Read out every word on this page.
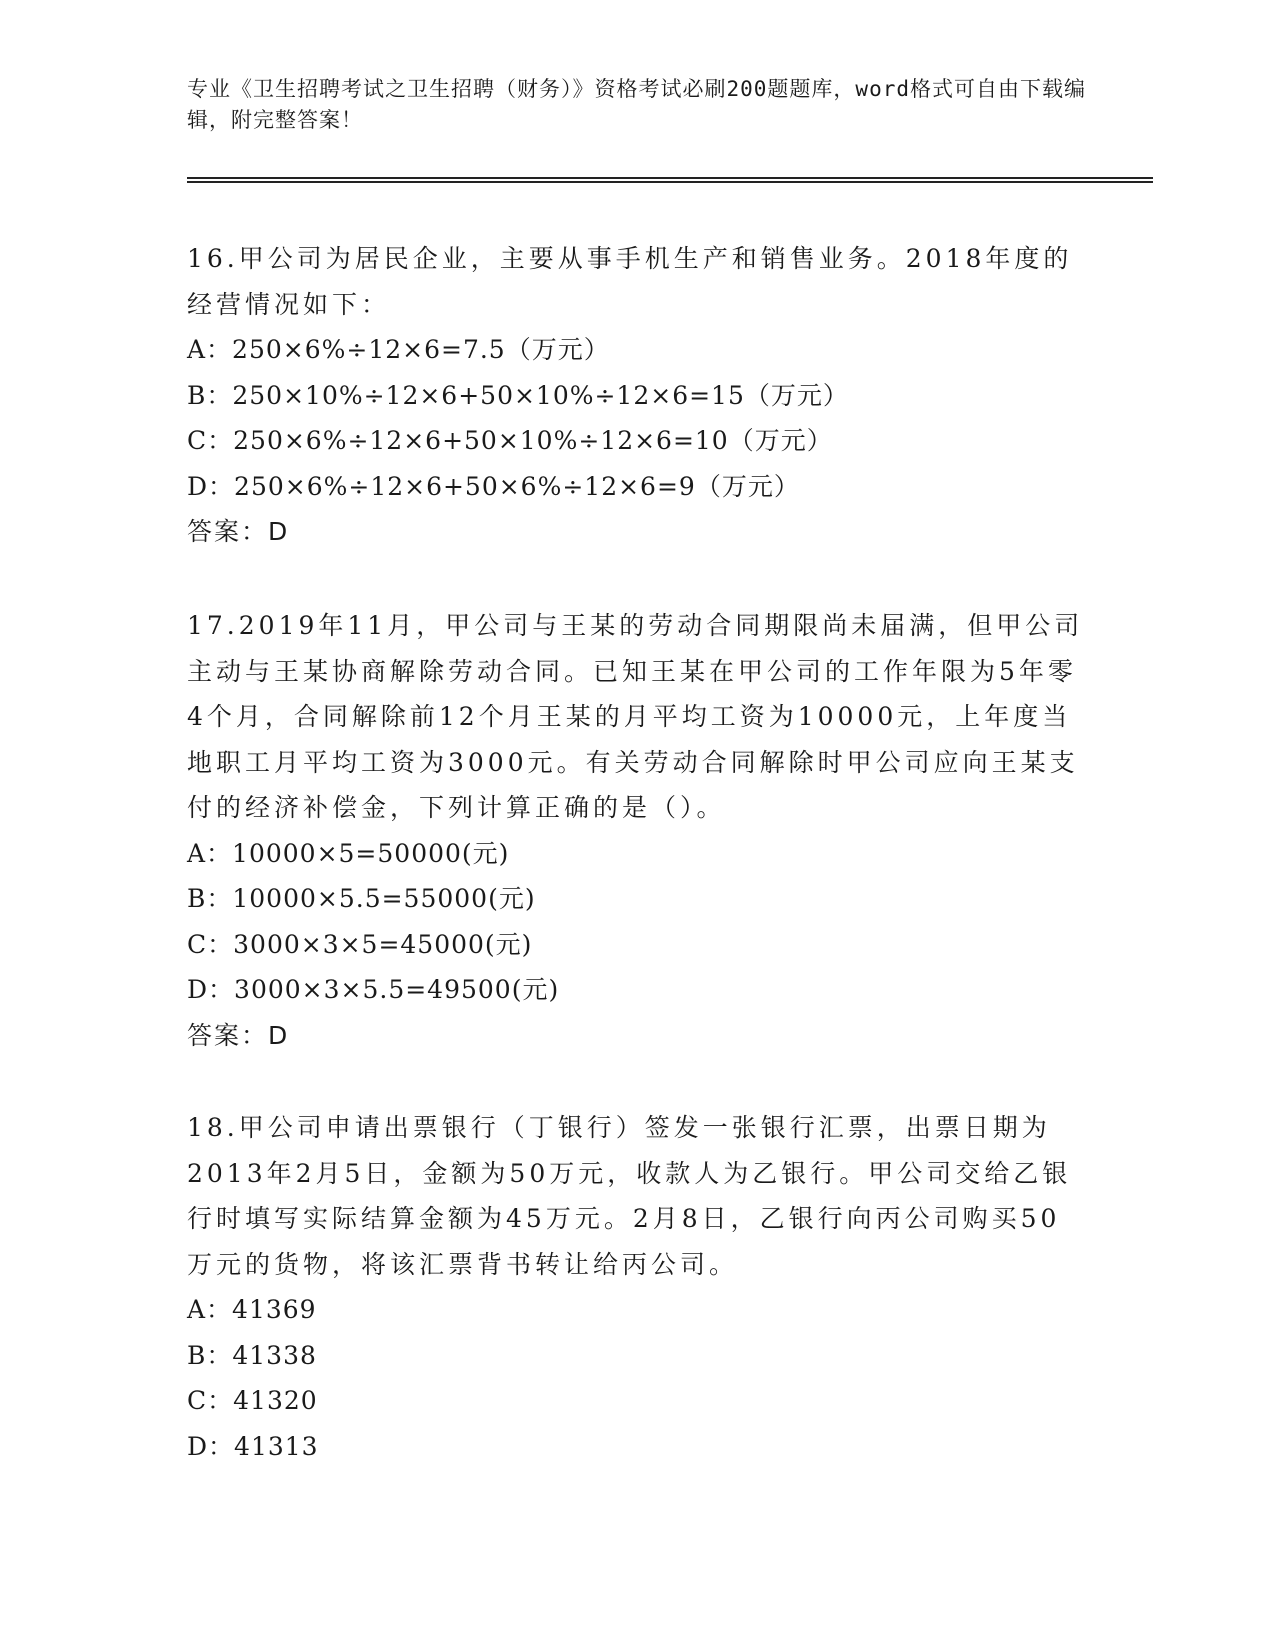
专业《卫生招聘考试之卫生招聘（财务）》资格考试必刷200题题库，word格式可自由下载编辑，附完整答案！

16.甲公司为居民企业，主要从事手机生产和销售业务。2018年度的经营情况如下：

A：250×6%÷12×6=7.5（万元）

B：250×10%÷12×6+50×10%÷12×6=15（万元）

C：250×6%÷12×6+50×10%÷12×6=10（万元）

D：250×6%÷12×6+50×6%÷12×6=9（万元）

答案：D

17.2019年11月，甲公司与王某的劳动合同期限尚未届满，但甲公司主动与王某协商解除劳动合同。已知王某在甲公司的工作年限为5年零4个月，合同解除前12个月王某的月平均工资为10000元，上年度当地职工月平均工资为3000元。有关劳动合同解除时甲公司应向王某支付的经济补偿金，下列计算正确的是（）。

A：10000×5=50000(元)

B：10000×5.5=55000(元)

C：3000×3×5=45000(元)

D：3000×3×5.5=49500(元)

答案：D

18.甲公司申请出票银行（丁银行）签发一张银行汇票，出票日期为2013年2月5日，金额为50万元，收款人为乙银行。甲公司交给乙银行时填写实际结算金额为45万元。2月8日，乙银行向丙公司购买50万元的货物，将该汇票背书转让给丙公司。

A：41369

B：41338

C：41320

D：41313
